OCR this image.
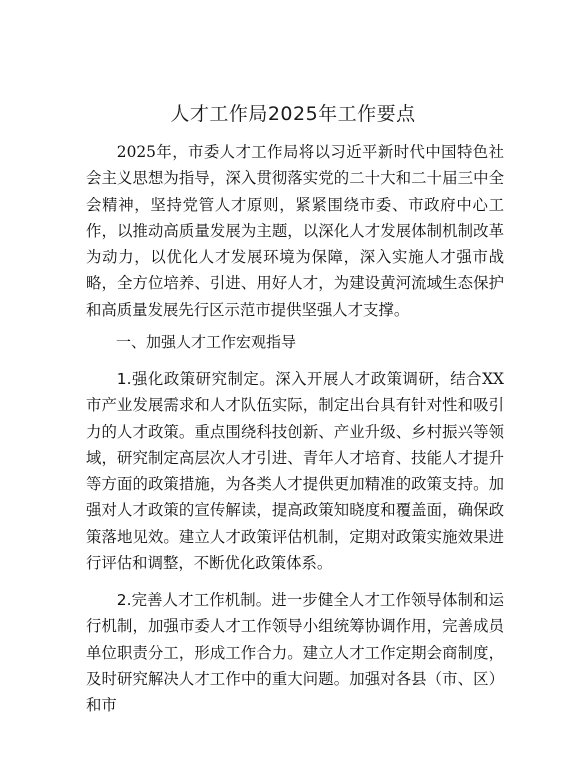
人才工作局2025年工作要点

2025年，市委人才工作局将以习近平新时代中国特色社会主义思想为指导，深入贯彻落实党的二十大和二十届三中全会精神，坚持党管人才原则，紧紧围绕市委、市政府中心工作，以推动高质量发展为主题，以深化人才发展体制机制改革为动力，以优化人才发展环境为保障，深入实施人才强市战略，全方位培养、引进、用好人才，为建设黄河流域生态保护和高质量发展先行区示范市提供坚强人才支撑。

一、加强人才工作宏观指导

1.强化政策研究制定。深入开展人才政策调研，结合XX市产业发展需求和人才队伍实际，制定出台具有针对性和吸引力的人才政策。重点围绕科技创新、产业升级、乡村振兴等领域，研究制定高层次人才引进、青年人才培育、技能人才提升等方面的政策措施，为各类人才提供更加精准的政策支持。加强对人才政策的宣传解读，提高政策知晓度和覆盖面，确保政策落地见效。建立人才政策评估机制，定期对政策实施效果进行评估和调整，不断优化政策体系。

2.完善人才工作机制。进一步健全人才工作领导体制和运行机制，加强市委人才工作领导小组统筹协调作用，完善成员单位职责分工，形成工作合力。建立人才工作定期会商制度，及时研究解决人才工作中的重大问题。加强对各县（市、区）和市
